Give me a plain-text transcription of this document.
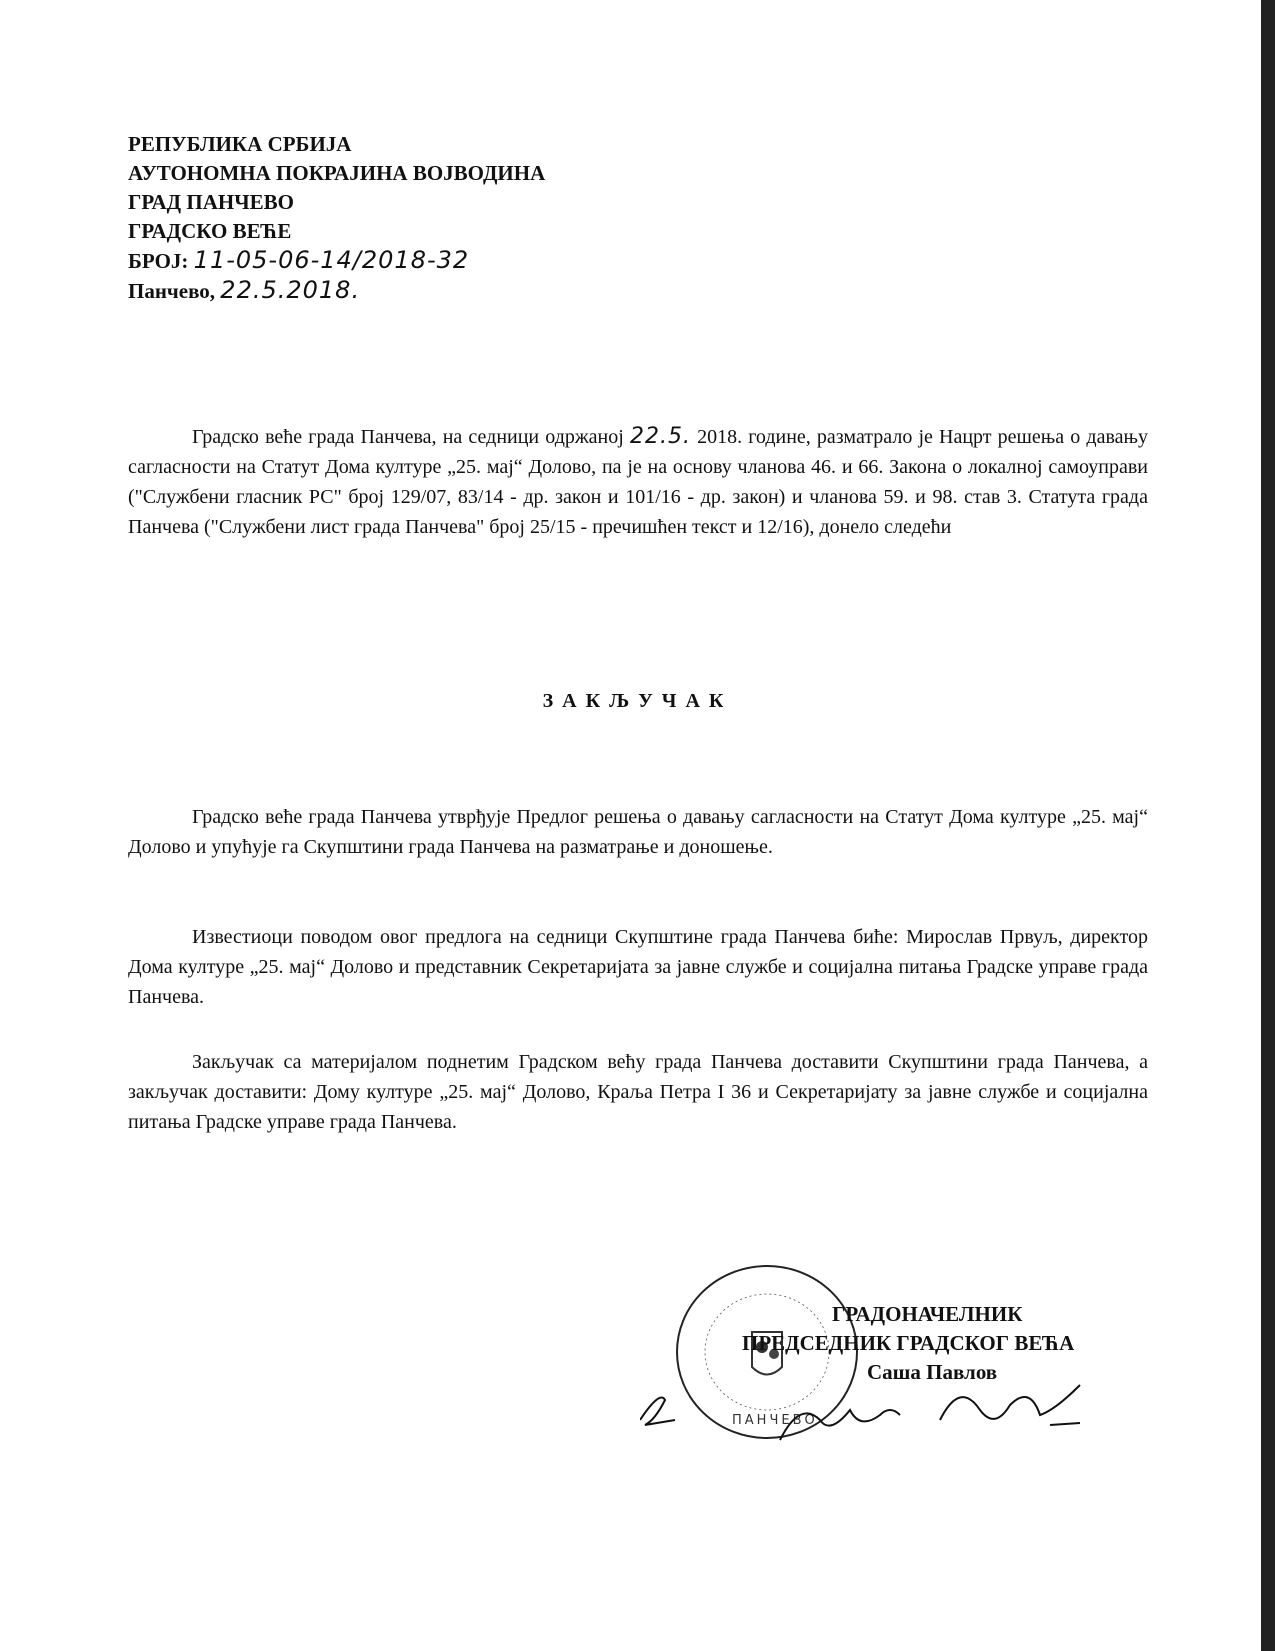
РЕПУБЛИКА СРБИЈА
АУТОНОМНА ПОКРАЈИНА ВОЈВОДИНА
ГРАД ПАНЧЕВО
ГРАДСКО ВЕЋЕ
БРОЈ: 11-05-06-14/2018-32
Панчево, 22.5.2018.

Градско веће града Панчева, на седници одржаној 22.5. 2018. године, разматрало је Нацрт решења о давању сагласности на Статут Дома културе „25. мај“ Долово, па је на основу чланова 46. и 66. Закона о локалној самоуправи ("Службени гласник РС" број 129/07, 83/14 - др. закон и 101/16 - др. закон) и чланова 59. и 98. став 3. Статута града Панчева ("Службени лист града Панчева" број 25/15 - пречишћен текст и 12/16), донело следећи

ЗАКЉУЧАК

Градско веће града Панчева утврђује Предлог решења о давању сагласности на Статут Дома културе „25. мај“ Долово и упућује га Скупштини града Панчева на разматрање и доношење.

Известиоци поводом овог предлога на седници Скупштине града Панчева биће: Мирослав Првуљ, директор Дома културе „25. мај“ Долово и представник Секретаријата за јавне службе и социјална питања Градске управе града Панчева.

Закључак са материјалом поднетим Градском већу града Панчева доставити Скупштини града Панчева, а закључак доставити: Дому културе „25. мај“ Долово, Краља Петра I 36 и Секретаријату за јавне службе и социјална питања Градске управе града Панчева.

ПАНЧЕВО
ГРАДОНАЧЕЛНИК
ПРЕДСЕДНИК ГРАДСКОГ ВЕЋА
Саша Павлов
